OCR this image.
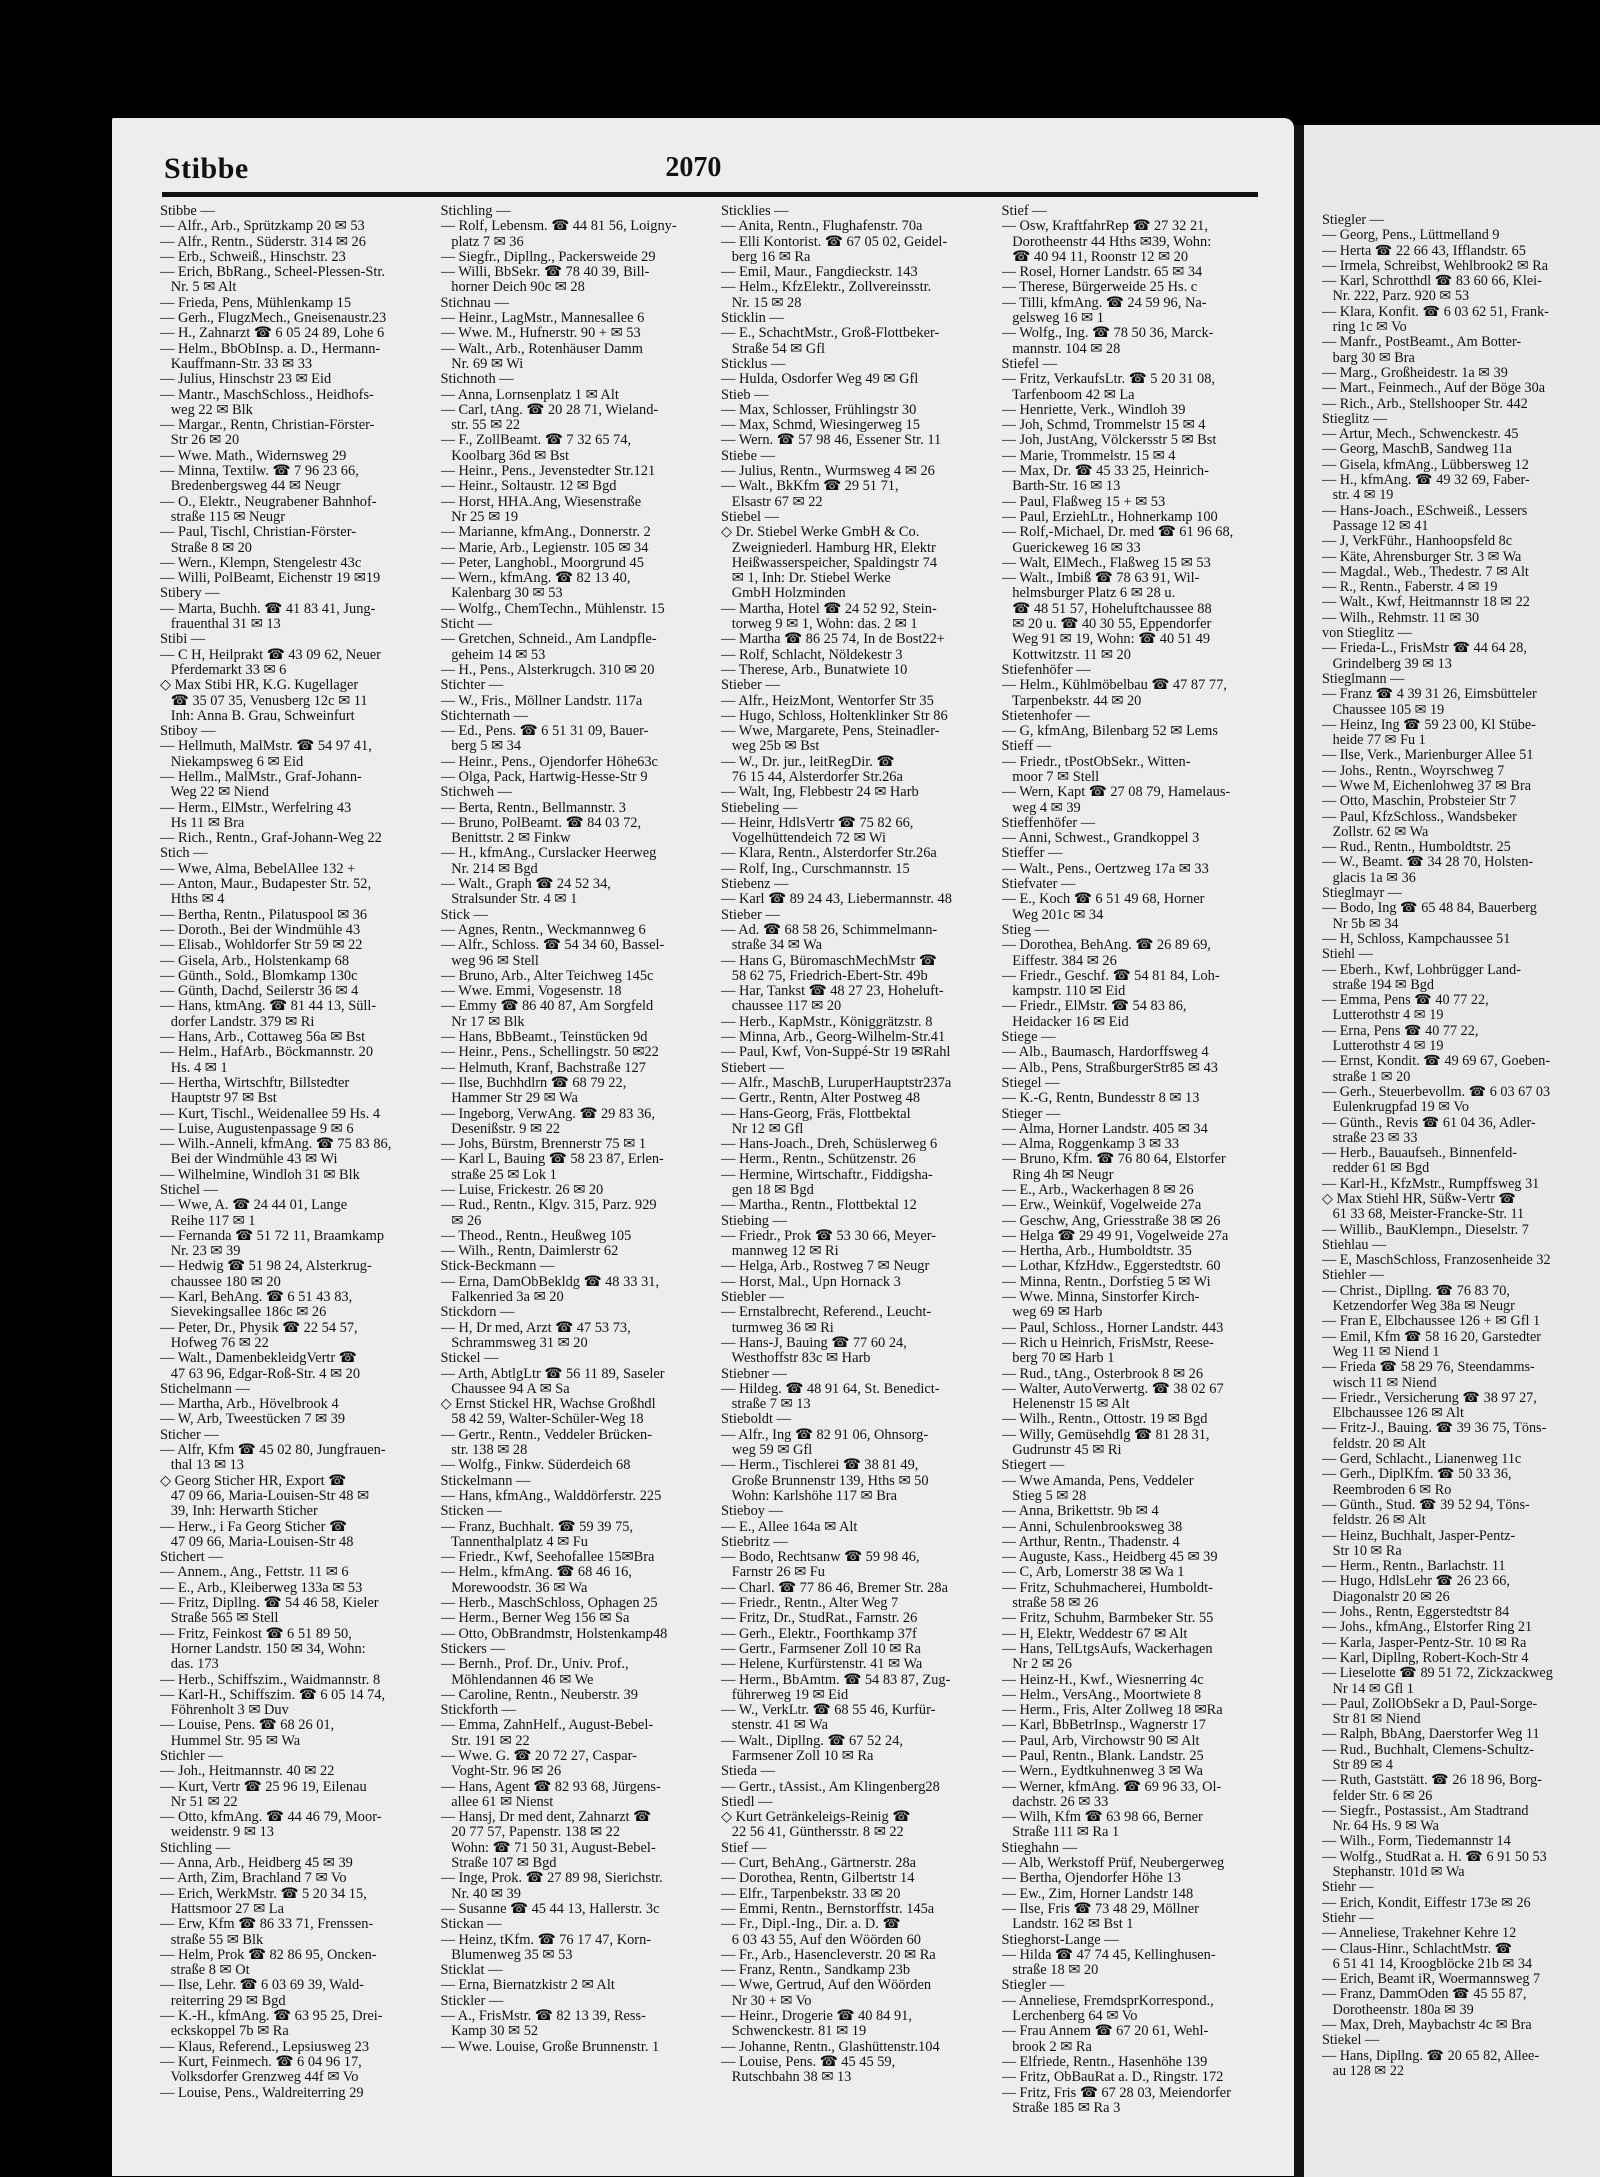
Stibbe	2070
Stibbe —
— Alfr., Arb., Sprützkamp 20 ✉ 53
— Alfr., Rentn., Süderstr. 314 ✉ 26
— Erb., Schweiß., Hinschstr. 23
— Erich, BbRang., Scheel-Plessen-Str.
Nr. 5 ✉ Alt
— Frieda, Pens, Mühlenkamp 15
— Gerh., FlugzMech., Gneisenaustr.23
— H., Zahnarzt ☎ 6 05 24 89, Lohe 6
— Helm., BbObInsp. a. D., Hermann-
Kauffmann-Str. 33 ✉ 33
— Julius, Hinschstr 23 ✉ Eid
— Mantr., MaschSchloss., Heidhofs-
weg 22 ✉ Blk
— Margar., Rentn, Christian-Förster-
Str 26 ✉ 20
— Wwe. Math., Widernsweg 29
— Minna, Textilw. ☎ 7 96 23 66,
Bredenbergsweg 44 ✉ Neugr
— O., Elektr., Neugrabener Bahnhof-
straße 115 ✉ Neugr
— Paul, Tischl, Christian-Förster-
Straße 8 ✉ 20
— Wern., Klempn, Stengelestr 43c
— Willi, PolBeamt, Eichenstr 19 ✉19
Stibery —
— Marta, Buchh. ☎ 41 83 41, Jung-
frauenthal 31 ✉ 13
Stibi —
— C H, Heilprakt ☎ 43 09 62, Neuer
Pferdemarkt 33 ✉ 6
◇ Max Stibi HR, K.G. Kugellager
☎ 35 07 35, Venusberg 12c ✉ 11
Inh: Anna B. Grau, Schweinfurt
Stiboy —
— Hellmuth, MalMstr. ☎ 54 97 41,
Niekampsweg 6 ✉ Eid
— Hellm., MalMstr., Graf-Johann-
Weg 22 ✉ Niend
— Herm., ElMstr., Werfelring 43
Hs 11 ✉ Bra
— Rich., Rentn., Graf-Johann-Weg 22
Stich —
— Wwe, Alma, BebelAllee 132 +
— Anton, Maur., Budapester Str. 52,
Hths ✉ 4
— Bertha, Rentn., Pilatuspool ✉ 36
— Doroth., Bei der Windmühle 43
— Elisab., Wohldorfer Str 59 ✉ 22
— Gisela, Arb., Holstenkamp 68
— Günth., Sold., Blomkamp 130c
— Günth, Dachd, Seilerstr 36 ✉ 4
— Hans, ktmAng. ☎ 81 44 13, Süll-
dorfer Landstr. 379 ✉ Ri
— Hans, Arb., Cottaweg 56a ✉ Bst
— Helm., HafArb., Böckmannstr. 20
Hs. 4 ✉ 1
— Hertha, Wirtschftr, Billstedter
Hauptstr 97 ✉ Bst
— Kurt, Tischl., Weidenallee 59 Hs. 4
— Luise, Augustenpassage 9 ✉ 6
— Wilh.-Anneli, kfmAng. ☎ 75 83 86,
Bei der Windmühle 43 ✉ Wi
— Wilhelmine, Windloh 31 ✉ Blk
Stichel —
— Wwe, A. ☎ 24 44 01, Lange
Reihe 117 ✉ 1
— Fernanda ☎ 51 72 11, Braamkamp
Nr. 23 ✉ 39
— Hedwig ☎ 51 98 24, Alsterkrug-
chaussee 180 ✉ 20
— Karl, BehAng. ☎ 6 51 43 83,
Sievekingsallee 186c ✉ 26
— Peter, Dr., Physik ☎ 22 54 57,
Hofweg 76 ✉ 22
— Walt., DamenbekleidgVertr ☎
47 63 96, Edgar-Roß-Str. 4 ✉ 20
Stichelmann —
— Martha, Arb., Hövelbrook 4
— W, Arb, Tweestücken 7 ✉ 39
Sticher —
— Alfr, Kfm ☎ 45 02 80, Jungfrauen-
thal 13 ✉ 13
◇ Georg Sticher HR, Export ☎
47 09 66, Maria-Louisen-Str 48 ✉
39, Inh: Herwarth Sticher
— Herw., i Fa Georg Sticher ☎
47 09 66, Maria-Louisen-Str 48
Stichert —
— Annem., Ang., Fettstr. 11 ✉ 6
— E., Arb., Kleiberweg 133a ✉ 53
— Fritz, Dipllng. ☎ 54 46 58, Kieler
Straße 565 ✉ Stell
— Fritz, Feinkost ☎ 6 51 89 50,
Horner Landstr. 150 ✉ 34, Wohn:
das. 173
— Herb., Schiffszim., Waidmannstr. 8
— Karl-H., Schiffszim. ☎ 6 05 14 74,
Föhrenholt 3 ✉ Duv
— Louise, Pens. ☎ 68 26 01,
Hummel Str. 95 ✉ Wa
Stichler —
— Joh., Heitmannstr. 40 ✉ 22
— Kurt, Vertr ☎ 25 96 19, Eilenau
Nr 51 ✉ 22
— Otto, kfmAng. ☎ 44 46 79, Moor-
weidenstr. 9 ✉ 13
Stichling —
— Anna, Arb., Heidberg 45 ✉ 39
— Arth, Zim, Brachland 7 ✉ Vo
— Erich, WerkMstr. ☎ 5 20 34 15,
Hattsmoor 27 ✉ La
— Erw, Kfm ☎ 86 33 71, Frenssen-
straße 55 ✉ Blk
— Helm, Prok ☎ 82 86 95, Oncken-
straße 8 ✉ Ot
— Ilse, Lehr. ☎ 6 03 69 39, Wald-
reiterring 29 ✉ Bgd
— K.-H., kfmAng. ☎ 63 95 25, Drei-
eckskoppel 7b ✉ Ra
— Klaus, Referend., Lepsiusweg 23
— Kurt, Feinmech. ☎ 6 04 96 17,
Volksdorfer Grenzweg 44f ✉ Vo
— Louise, Pens., Waldreiterring 29
Stichling —
— Rolf, Lebensm. ☎ 44 81 56, Loigny-
platz 7 ✉ 36
— Siegfr., Dipllng., Packersweide 29
— Willi, BbSekr. ☎ 78 40 39, Bill-
horner Deich 90c ✉ 28
Stichnau —
— Heinr., LagMstr., Mannesallee 6
— Wwe. M., Hufnerstr. 90 + ✉ 53
— Walt., Arb., Rotenhäuser Damm
Nr. 69 ✉ Wi
Stichnoth —
— Anna, Lornsenplatz 1 ✉ Alt
— Carl, tAng. ☎ 20 28 71, Wieland-
str. 55 ✉ 22
— F., ZollBeamt. ☎ 7 32 65 74,
Koolbarg 36d ✉ Bst
— Heinr., Pens., Jevenstedter Str.121
— Heinr., Soltaustr. 12 ✉ Bgd
— Horst, HHA.Ang, Wiesenstraße
Nr 25 ✉ 19
— Marianne, kfmAng., Donnerstr. 2
— Marie, Arb., Legienstr. 105 ✉ 34
— Peter, Langhobl., Moorgrund 45
— Wern., kfmAng. ☎ 82 13 40,
Kalenbarg 30 ✉ 53
— Wolfg., ChemTechn., Mühlenstr. 15
Sticht —
— Gretchen, Schneid., Am Landpfle-
geheim 14 ✉ 53
— H., Pens., Alsterkrugch. 310 ✉ 20
Stichter —
— W., Fris., Möllner Landstr. 117a
Stichternath —
— Ed., Pens. ☎ 6 51 31 09, Bauer-
berg 5 ✉ 34
— Heinr., Pens., Ojendorfer Höhe63c
— Olga, Pack, Hartwig-Hesse-Str 9
Stichweh —
— Berta, Rentn., Bellmannstr. 3
— Bruno, PolBeamt. ☎ 84 03 72,
Benittstr. 2 ✉ Finkw
— H., kfmAng., Curslacker Heerweg
Nr. 214 ✉ Bgd
— Walt., Graph ☎ 24 52 34,
Stralsunder Str. 4 ✉ 1
Stick —
— Agnes, Rentn., Weckmannweg 6
— Alfr., Schloss. ☎ 54 34 60, Bassel-
weg 96 ✉ Stell
— Bruno, Arb., Alter Teichweg 145c
— Wwe. Emmi, Vogesenstr. 18
— Emmy ☎ 86 40 87, Am Sorgfeld
Nr 17 ✉ Blk
— Hans, BbBeamt., Teinstücken 9d
— Heinr., Pens., Schellingstr. 50 ✉22
— Helmuth, Kranf, Bachstraße 127
— Ilse, Buchhdlrn ☎ 68 79 22,
Hammer Str 29 ✉ Wa
— Ingeborg, VerwAng. ☎ 29 83 36,
Desenißstr. 9 ✉ 22
— Johs, Bürstm, Brennerstr 75 ✉ 1
— Karl L, Bauing ☎ 58 23 87, Erlen-
straße 25 ✉ Lok 1
— Luise, Frickestr. 26 ✉ 20
— Rud., Rentn., Klgv. 315, Parz. 929
✉ 26
— Theod., Rentn., Heußweg 105
— Wilh., Rentn, Daimlerstr 62
Stick-Beckmann —
— Erna, DamObBekldg ☎ 48 33 31,
Falkenried 3a ✉ 20
Stickdorn —
— H, Dr med, Arzt ☎ 47 53 73,
Schrammsweg 31 ✉ 20
Stickel —
— Arth, AbtlgLtr ☎ 56 11 89, Saseler
Chaussee 94 A ✉ Sa
◇ Ernst Stickel HR, Wachse Großhdl
58 42 59, Walter-Schüler-Weg 18
— Gertr., Rentn., Veddeler Brücken-
str. 138 ✉ 28
— Wolfg., Finkw. Süderdeich 68
Stickelmann —
— Hans, kfmAng., Walddörferstr. 225
Sticken —
— Franz, Buchhalt. ☎ 59 39 75,
Tannenthalplatz 4 ✉ Fu
— Friedr., Kwf, Seehofallee 15✉Bra
— Helm., kfmAng. ☎ 68 46 16,
Morewoodstr. 36 ✉ Wa
— Herb., MaschSchloss, Ophagen 25
— Herm., Berner Weg 156 ✉ Sa
— Otto, ObBrandmstr, Holstenkamp48
Stickers —
— Bernh., Prof. Dr., Univ. Prof.,
Möhlendannen 46 ✉ We
— Caroline, Rentn., Neuberstr. 39
Stickforth —
— Emma, ZahnHelf., August-Bebel-
Str. 191 ✉ 22
— Wwe. G. ☎ 20 72 27, Caspar-
Voght-Str. 96 ✉ 26
— Hans, Agent ☎ 82 93 68, Jürgens-
allee 61 ✉ Nienst
— Hansj, Dr med dent, Zahnarzt ☎
20 77 57, Papenstr. 138 ✉ 22
Wohn: ☎ 71 50 31, August-Bebel-
Straße 107 ✉ Bgd
— Inge, Prok. ☎ 27 89 98, Sierichstr.
Nr. 40 ✉ 39
— Susanne ☎ 45 44 13, Hallerstr. 3c
Stickan —
— Heinz, tKfm. ☎ 76 17 47, Korn-
Blumenweg 35 ✉ 53
Sticklat —
— Erna, Biernatzkistr 2 ✉ Alt
Stickler —
— A., FrisMstr. ☎ 82 13 39, Ress-
Kamp 30 ✉ 52
— Wwe. Louise, Große Brunnenstr. 1
Sticklies —
— Anita, Rentn., Flughafenstr. 70a
— Elli Kontorist. ☎ 67 05 02, Geidel-
berg 16 ✉ Ra
— Emil, Maur., Fangdieckstr. 143
— Helm., KfzElektr., Zollvereinsstr.
Nr. 15 ✉ 28
Sticklin —
— E., SchachtMstr., Groß-Flottbeker-
Straße 54 ✉ Gfl
Sticklus —
— Hulda, Osdorfer Weg 49 ✉ Gfl
Stieb —
— Max, Schlosser, Frühlingstr 30
— Max, Schmd, Wiesingerweg 15
— Wern. ☎ 57 98 46, Essener Str. 11
Stiebe —
— Julius, Rentn., Wurmsweg 4 ✉ 26
— Walt., BkKfm ☎ 29 51 71,
Elsastr 67 ✉ 22
Stiebel —
◇ Dr. Stiebel Werke GmbH & Co.
Zweigniederl. Hamburg HR, Elektr
Heißwasserspeicher, Spaldingstr 74
✉ 1, Inh: Dr. Stiebel Werke
GmbH Holzminden
— Martha, Hotel ☎ 24 52 92, Stein-
torweg 9 ✉ 1, Wohn: das. 2 ✉ 1
— Martha ☎ 86 25 74, In de Bost22+
— Rolf, Schlacht, Nöldekestr 3
— Therese, Arb., Bunatwiete 10
Stieber —
— Alfr., HeizMont, Wentorfer Str 35
— Hugo, Schloss, Holtenklinker Str 86
— Wwe, Margarete, Pens, Steinadler-
weg 25b ✉ Bst
— W., Dr. jur., leitRegDir. ☎
76 15 44, Alsterdorfer Str.26a
— Walt, Ing, Flebbestr 24 ✉ Harb
Stiebeling —
— Heinr, HdlsVertr ☎ 75 82 66,
Vogelhüttendeich 72 ✉ Wi
— Klara, Rentn., Alsterdorfer Str.26a
— Rolf, Ing., Curschmannstr. 15
Stiebenz —
— Karl ☎ 89 24 43, Liebermannstr. 48
Stieber —
— Ad. ☎ 68 58 26, Schimmelmann-
straße 34 ✉ Wa
— Hans G, BüromaschMechMstr ☎
58 62 75, Friedrich-Ebert-Str. 49b
— Har, Tankst ☎ 48 27 23, Hoheluft-
chaussee 117 ✉ 20
— Herb., KapMstr., Königgrätzstr. 8
— Minna, Arb., Georg-Wilhelm-Str.41
— Paul, Kwf, Von-Suppé-Str 19 ✉Rahl
Stiebert —
— Alfr., MaschB, LuruperHauptstr237a
— Gertr., Rentn, Alter Postweg 48
— Hans-Georg, Fräs, Flottbektal
Nr 12 ✉ Gfl
— Hans-Joach., Dreh, Schüslerweg 6
— Herm., Rentn., Schützenstr. 26
— Hermine, Wirtschaftr., Fiddigsha-
gen 18 ✉ Bgd
— Martha., Rentn., Flottbektal 12
Stiebing —
— Friedr., Prok ☎ 53 30 66, Meyer-
mannweg 12 ✉ Ri
— Helga, Arb., Rostweg 7 ✉ Neugr
— Horst, Mal., Upn Hornack 3
Stiebler —
— Ernstalbrecht, Referend., Leucht-
turmweg 36 ✉ Ri
— Hans-J, Bauing ☎ 77 60 24,
Westhoffstr 83c ✉ Harb
Stiebner —
— Hildeg. ☎ 48 91 64, St. Benedict-
straße 7 ✉ 13
Stieboldt —
— Alfr., Ing ☎ 82 91 06, Ohnsorg-
weg 59 ✉ Gfl
— Herm., Tischlerei ☎ 38 81 49,
Große Brunnenstr 139, Hths ✉ 50
Wohn: Karlshöhe 117 ✉ Bra
Stieboy —
— E., Allee 164a ✉ Alt
Stiebritz —
— Bodo, Rechtsanw ☎ 59 98 46,
Farnstr 26 ✉ Fu
— Charl. ☎ 77 86 46, Bremer Str. 28a
— Friedr., Rentn., Alter Weg 7
— Fritz, Dr., StudRat., Farnstr. 26
— Gerh., Elektr., Foorthkamp 37f
— Gertr., Farmsener Zoll 10 ✉ Ra
— Helene, Kurfürstenstr. 41 ✉ Wa
— Herm., BbAmtm. ☎ 54 83 87, Zug-
führerweg 19 ✉ Eid
— W., VerkLtr. ☎ 68 55 46, Kurfür-
stenstr. 41 ✉ Wa
— Walt., Dipllng. ☎ 67 52 24,
Farmsener Zoll 10 ✉ Ra
Stieda —
— Gertr., tAssist., Am Klingenberg28
Stiedl —
◇ Kurt Getränkeleigs-Reinig ☎
22 56 41, Günthersstr. 8 ✉ 22
Stief —
— Curt, BehAng., Gärtnerstr. 28a
— Dorothea, Rentn, Gilbertstr 14
— Elfr., Tarpenbekstr. 33 ✉ 20
— Emmi, Rentn., Bernstorffstr. 145a
— Fr., Dipl.-Ing., Dir. a. D. ☎
6 03 43 55, Auf den Wöörden 60
— Fr., Arb., Hasencleverstr. 20 ✉ Ra
— Franz, Rentn., Sandkamp 23b
— Wwe, Gertrud, Auf den Wöörden
Nr 30 + ✉ Vo
— Heinr., Drogerie ☎ 40 84 91,
Schwenckestr. 81 ✉ 19
— Johanne, Rentn., Glashüttenstr.104
— Louise, Pens. ☎ 45 45 59,
Rutschbahn 38 ✉ 13
Stief —
— Osw, KraftfahrRep ☎ 27 32 21,
Dorotheenstr 44 Hths ✉39, Wohn:
☎ 40 94 11, Roonstr 12 ✉ 20
— Rosel, Horner Landstr. 65 ✉ 34
— Therese, Bürgerweide 25 Hs. c
— Tilli, kfmAng. ☎ 24 59 96, Na-
gelsweg 16 ✉ 1
— Wolfg., Ing. ☎ 78 50 36, Marck-
mannstr. 104 ✉ 28
Stiefel —
— Fritz, VerkaufsLtr. ☎ 5 20 31 08,
Tarfenboom 42 ✉ La
— Henriette, Verk., Windloh 39
— Joh, Schmd, Trommelstr 15 ✉ 4
— Joh, JustAng, Völckersstr 5 ✉ Bst
— Marie, Trommelstr. 15 ✉ 4
— Max, Dr. ☎ 45 33 25, Heinrich-
Barth-Str. 16 ✉ 13
— Paul, Flaßweg 15 + ✉ 53
— Paul, ErziehLtr., Hohnerkamp 100
— Rolf,-Michael, Dr. med ☎ 61 96 68,
Guerickeweg 16 ✉ 33
— Walt, ElMech., Flaßweg 15 ✉ 53
— Walt., Imbiß ☎ 78 63 91, Wil-
helmsburger Platz 6 ✉ 28 u.
☎ 48 51 57, Hoheluftchaussee 88
✉ 20 u. ☎ 40 30 55, Eppendorfer
Weg 91 ✉ 19, Wohn: ☎ 40 51 49
Kottwitzstr. 11 ✉ 20
Stiefenhöfer —
— Helm., Kühlmöbelbau ☎ 47 87 77,
Tarpenbekstr. 44 ✉ 20
Stietenhofer —
— G, kfmAng, Bilenbarg 52 ✉ Lems
Stieff —
— Friedr., tPostObSekr., Witten-
moor 7 ✉ Stell
— Wern, Kapt ☎ 27 08 79, Hamelaus-
weg 4 ✉ 39
Stieffenhöfer —
— Anni, Schwest., Grandkoppel 3
Stieffer —
— Walt., Pens., Oertzweg 17a ✉ 33
Stiefvater —
— E., Koch ☎ 6 51 49 68, Horner
Weg 201c ✉ 34
Stieg —
— Dorothea, BehAng. ☎ 26 89 69,
Eiffestr. 384 ✉ 26
— Friedr., Geschf. ☎ 54 81 84, Loh-
kampstr. 110 ✉ Eid
— Friedr., ElMstr. ☎ 54 83 86,
Heidacker 16 ✉ Eid
Stiege —
— Alb., Baumasch, Hardorffsweg 4
— Alb., Pens, StraßburgerStr85 ✉ 43
Stiegel —
— K.-G, Rentn, Bundesstr 8 ✉ 13
Stieger —
— Alma, Horner Landstr. 405 ✉ 34
— Alma, Roggenkamp 3 ✉ 33
— Bruno, Kfm. ☎ 76 80 64, Elstorfer
Ring 4h ✉ Neugr
— E., Arb., Wackerhagen 8 ✉ 26
— Erw., Weinküf, Vogelweide 27a
— Geschw, Ang, Griesstraße 38 ✉ 26
— Helga ☎ 29 49 91, Vogelweide 27a
— Hertha, Arb., Humboldtstr. 35
— Lothar, KfzHdw., Eggerstedtstr. 60
— Minna, Rentn., Dorfstieg 5 ✉ Wi
— Wwe. Minna, Sinstorfer Kirch-
weg 69 ✉ Harb
— Paul, Schloss., Horner Landstr. 443
— Rich u Heinrich, FrisMstr, Reese-
berg 70 ✉ Harb 1
— Rud., tAng., Osterbrook 8 ✉ 26
— Walter, AutoVerwertg. ☎ 38 02 67
Helenenstr 15 ✉ Alt
— Wilh., Rentn., Ottostr. 19 ✉ Bgd
— Willy, Gemüsehdlg ☎ 81 28 31,
Gudrunstr 45 ✉ Ri
Stiegert —
— Wwe Amanda, Pens, Veddeler
Stieg 5 ✉ 28
— Anna, Brikettstr. 9b ✉ 4
— Anni, Schulenbrooksweg 38
— Arthur, Rentn., Thadenstr. 4
— Auguste, Kass., Heidberg 45 ✉ 39
— C, Arb, Lomerstr 38 ✉ Wa 1
— Fritz, Schuhmacherei, Humboldt-
straße 58 ✉ 26
— Fritz, Schuhm, Barmbeker Str. 55
— H, Elektr, Weddestr 67 ✉ Alt
— Hans, TelLtgsAufs, Wackerhagen
Nr 2 ✉ 26
— Heinz-H., Kwf., Wiesnerring 4c
— Helm., VersAng., Moortwiete 8
— Herm., Fris, Alter Zollweg 18 ✉Ra
— Karl, BbBetrInsp., Wagnerstr 17
— Paul, Arb, Virchowstr 90 ✉ Alt
— Paul, Rentn., Blank. Landstr. 25
— Wern., Eydtkuhnenweg 3 ✉ Wa
— Werner, kfmAng. ☎ 69 96 33, Ol-
dachstr. 26 ✉ 33
— Wilh, Kfm ☎ 63 98 66, Berner
Straße 111 ✉ Ra 1
Stieghahn —
— Alb, Werkstoff Prüf, Neubergerweg
— Bertha, Ojendorfer Höhe 13
— Ew., Zim, Horner Landstr 148
— Ilse, Fris ☎ 73 48 29, Möllner
Landstr. 162 ✉ Bst 1
Stieghorst-Lange —
— Hilda ☎ 47 74 45, Kellinghusen-
straße 18 ✉ 20
Stiegler —
— Anneliese, FremdsprKorrespond.,
Lerchenberg 64 ✉ Vo
— Frau Annem ☎ 67 20 61, Wehl-
brook 2 ✉ Ra
— Elfriede, Rentn., Hasenhöhe 139
— Fritz, ObBauRat a. D., Ringstr. 172
— Fritz, Fris ☎ 67 28 03, Meiendorfer
Straße 185 ✉ Ra 3
Stiegler —
— Georg, Pens., Lüttmelland 9
— Herta ☎ 22 66 43, Ifflandstr. 65
— Irmela, Schreibst, Wehlbrook2 ✉ Ra
— Karl, Schrotthdl ☎ 83 60 66, Klei-
Nr. 222, Parz. 920 ✉ 53
— Klara, Konfit. ☎ 6 03 62 51, Frank-
ring 1c ✉ Vo
— Manfr., PostBeamt., Am Botter-
barg 30 ✉ Bra
— Marg., Großheidestr. 1a ✉ 39
— Mart., Feinmech., Auf der Böge 30a
— Rich., Arb., Stellshooper Str. 442
Stieglitz —
— Artur, Mech., Schwenckestr. 45
— Georg, MaschB, Sandweg 11a
— Gisela, kfmAng., Lübbersweg 12
— H., kfmAng. ☎ 49 32 69, Faber-
str. 4 ✉ 19
— Hans-Joach., ESchweiß., Lessers
Passage 12 ✉ 41
— J, VerkFühr., Hanhoopsfeld 8c
— Käte, Ahrensburger Str. 3 ✉ Wa
— Magdal., Web., Thedestr. 7 ✉ Alt
— R., Rentn., Faberstr. 4 ✉ 19
— Walt., Kwf, Heitmannstr 18 ✉ 22
— Wilh., Rehmstr. 11 ✉ 30
von Stieglitz —
— Frieda-L., FrisMstr ☎ 44 64 28,
Grindelberg 39 ✉ 13
Stieglmann —
— Franz ☎ 4 39 31 26, Eimsbütteler
Chaussee 105 ✉ 19
— Heinz, Ing ☎ 59 23 00, Kl Stübe-
heide 77 ✉ Fu 1
— Ilse, Verk., Marienburger Allee 51
— Johs., Rentn., Woyrschweg 7
— Wwe M, Eichenlohweg 37 ✉ Bra
— Otto, Maschin, Probsteier Str 7
— Paul, KfzSchloss., Wandsbeker
Zollstr. 62 ✉ Wa
— Rud., Rentn., Humboldtstr. 25
— W., Beamt. ☎ 34 28 70, Holsten-
glacis 1a ✉ 36
Stieglmayr —
— Bodo, Ing ☎ 65 48 84, Bauerberg
Nr 5b ✉ 34
— H, Schloss, Kampchaussee 51
Stiehl —
— Eberh., Kwf, Lohbrügger Land-
straße 194 ✉ Bgd
— Emma, Pens ☎ 40 77 22,
Lutterothstr 4 ✉ 19
— Erna, Pens ☎ 40 77 22,
Lutterothstr 4 ✉ 19
— Ernst, Kondit. ☎ 49 69 67, Goeben-
straße 1 ✉ 20
— Gerh., Steuerbevollm. ☎ 6 03 67 03
Eulenkrugpfad 19 ✉ Vo
— Günth., Revis ☎ 61 04 36, Adler-
straße 23 ✉ 33
— Herb., Bauaufseh., Binnenfeld-
redder 61 ✉ Bgd
— Karl-H., KfzMstr., Rumpffsweg 31
◇ Max Stiehl HR, Süßw-Vertr ☎
61 33 68, Meister-Francke-Str. 11
— Willib., BauKlempn., Dieselstr. 7
Stiehlau —
— E, MaschSchloss, Franzosenheide 32
Stiehler —
— Christ., Dipllng. ☎ 76 83 70,
Ketzendorfer Weg 38a ✉ Neugr
— Fran E, Elbchaussee 126 + ✉ Gfl 1
— Emil, Kfm ☎ 58 16 20, Garstedter
Weg 11 ✉ Niend 1
— Frieda ☎ 58 29 76, Steendamms-
wisch 11 ✉ Niend
— Friedr., Versicherung ☎ 38 97 27,
Elbchaussee 126 ✉ Alt
— Fritz-J., Bauing. ☎ 39 36 75, Töns-
feldstr. 20 ✉ Alt
— Gerd, Schlacht., Lianenweg 11c
— Gerh., DiplKfm. ☎ 50 33 36,
Reembroden 6 ✉ Ro
— Günth., Stud. ☎ 39 52 94, Töns-
feldstr. 26 ✉ Alt
— Heinz, Buchhalt, Jasper-Pentz-
Str 10 ✉ Ra
— Herm., Rentn., Barlachstr. 11
— Hugo, HdlsLehr ☎ 26 23 66,
Diagonalstr 20 ✉ 26
— Johs., Rentn, Eggerstedtstr 84
— Johs., kfmAng., Elstorfer Ring 21
— Karla, Jasper-Pentz-Str. 10 ✉ Ra
— Karl, Dipllng, Robert-Koch-Str 4
— Lieselotte ☎ 89 51 72, Zickzackweg
Nr 14 ✉ Gfl 1
— Paul, ZollObSekr a D, Paul-Sorge-
Str 81 ✉ Niend
— Ralph, BbAng, Daerstorfer Weg 11
— Rud., Buchhalt, Clemens-Schultz-
Str 89 ✉ 4
— Ruth, Gaststätt. ☎ 26 18 96, Borg-
felder Str. 6 ✉ 26
— Siegfr., Postassist., Am Stadtrand
Nr. 64 Hs. 9 ✉ Wa
— Wilh., Form, Tiedemannstr 14
— Wolfg., StudRat a. H. ☎ 6 91 50 53
Stephanstr. 101d ✉ Wa
Stiehr —
— Erich, Kondit, Eiffestr 173e ✉ 26
Stiehr —
— Anneliese, Trakehner Kehre 12
— Claus-Hinr., SchlachtMstr. ☎
6 51 41 14, Kroogblöcke 21b ✉ 34
— Erich, Beamt iR, Woermannsweg 7
— Franz, DammOden ☎ 45 55 87,
Dorotheenstr. 180a ✉ 39
— Max, Dreh, Maybachstr 4c ✉ Bra
Stiekel —
— Hans, Dipllng. ☎ 20 65 82, Allee-
au 128 ✉ 22
